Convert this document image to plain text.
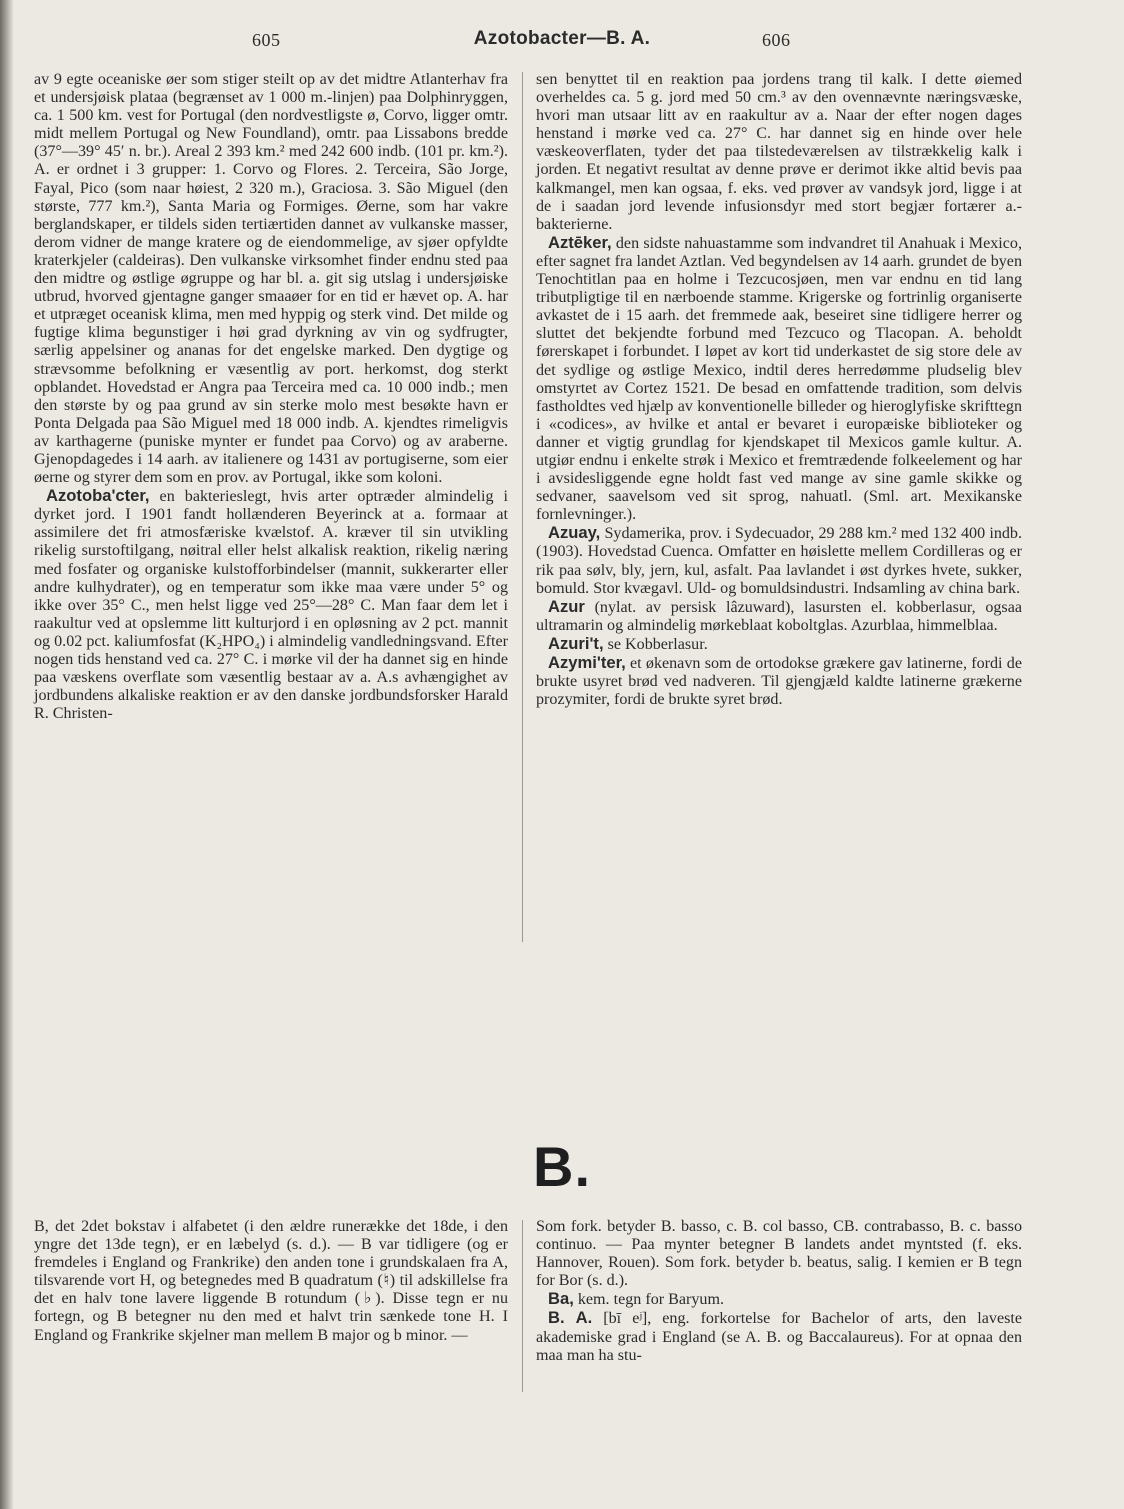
605	Azotobacter—B. A.	606

av 9 egte oceaniske øer som stiger steilt op av det midtre Atlanterhav fra et undersjøisk plataa (begrænset av 1 000 m.-linjen) paa Dolphinryggen, ca. 1 500 km. vest for Portugal (den nordvestligste ø, Corvo, ligger omtr. midt mellem Portugal og New Foundland), omtr. paa Lissabons bredde (37°—39° 45′ n. br.). Areal 2 393 km.² med 242 600 indb. (101 pr. km.²). A. er ordnet i 3 grupper: 1. Corvo og Flores. 2. Terceira, São Jorge, Fayal, Pico (som naar høiest, 2 320 m.), Graciosa. 3. São Miguel (den største, 777 km.²), Santa Maria og Formiges. Øerne, som har vakre berglandskaper, er tildels siden tertiærtiden dannet av vulkanske masser, derom vidner de mange kratere og de eiendommelige, av sjøer opfyldte kraterkjeler (caldeiras). Den vulkanske virksomhet finder endnu sted paa den midtre og østlige øgruppe og har bl. a. git sig utslag i undersjøiske utbrud, hvorved gjentagne ganger smaaøer for en tid er hævet op. A. har et utpræget oceanisk klima, men med hyppig og sterk vind. Det milde og fugtige klima begunstiger i høi grad dyrkning av vin og sydfrugter, særlig appelsiner og ananas for det engelske marked. Den dygtige og strævsomme befolkning er væsentlig av port. herkomst, dog sterkt opblandet. Hovedstad er Angra paa Terceira med ca. 10 000 indb.; men den største by og paa grund av sin sterke molo mest besøkte havn er Ponta Delgada paa São Miguel med 18 000 indb. A. kjendtes rimeligvis av karthagerne (puniske mynter er fundet paa Corvo) og av araberne. Gjenopdagedes i 14 aarh. av italienere og 1431 av portugiserne, som eier øerne og styrer dem som en prov. av Portugal, ikke som koloni.

Azotoba'cter, en bakterieslegt, hvis arter optræder almindelig i dyrket jord. I 1901 fandt hollænderen Beyerinck at a. formaar at assimilere det fri atmosfæriske kvælstof. A. kræver til sin utvikling rikelig surstoftilgang, nøitral eller helst alkalisk reaktion, rikelig næring med fosfater og organiske kulstofforbindelser (mannit, sukkerarter eller andre kulhydrater), og en temperatur som ikke maa være under 5° og ikke over 35° C., men helst ligge ved 25°—28° C. Man faar dem let i raakultur ved at opslemme litt kulturjord i en opløsning av 2 pct. mannit og 0.02 pct. kaliumfosfat (K₂HPO₄) i almindelig vandledningsvand. Efter nogen tids henstand ved ca. 27° C. i mørke vil der ha dannet sig en hinde paa væskens overflate som væsentlig bestaar av a. A.s avhængighet av jordbundens alkaliske reaktion er av den danske jordbundsforsker Harald R. Christen-

sen benyttet til en reaktion paa jordens trang til kalk. I dette øiemed overheldes ca. 5 g. jord med 50 cm.³ av den ovennævnte næringsvæske, hvori man utsaar litt av en raakultur av a. Naar der efter nogen dages henstand i mørke ved ca. 27° C. har dannet sig en hinde over hele væskeoverflaten, tyder det paa tilstedeværelsen av tilstrækkelig kalk i jorden. Et negativt resultat av denne prøve er derimot ikke altid bevis paa kalkmangel, men kan ogsaa, f. eks. ved prøver av vandsyk jord, ligge i at de i saadan jord levende infusionsdyr med stort begjær fortærer a.-bakterierne.

Aztēker, den sidste nahuastamme som indvandret til Anahuak i Mexico, efter sagnet fra landet Aztlan. Ved begyndelsen av 14 aarh. grundet de byen Tenochtitlan paa en holme i Tezcucosjøen, men var endnu en tid lang tributpligtige til en nærboende stamme. Krigerske og fortrinlig organiserte avkastet de i 15 aarh. det fremmede aak, beseiret sine tidligere herrer og sluttet det bekjendte forbund med Tezcuco og Tlacopan. A. beholdt førerskapet i forbundet. I løpet av kort tid underkastet de sig store dele av det sydlige og østlige Mexico, indtil deres herredømme pludselig blev omstyrtet av Cortez 1521. De besad en omfattende tradition, som delvis fastholdtes ved hjælp av konventionelle billeder og hieroglyfiske skrifttegn i «codices», av hvilke et antal er bevaret i europæiske biblioteker og danner et vigtig grundlag for kjendskapet til Mexicos gamle kultur. A. utgiør endnu i enkelte strøk i Mexico et fremtrædende folkeelement og har i avsidesliggende egne holdt fast ved mange av sine gamle skikke og sedvaner, saavelsom ved sit sprog, nahuatl. (Sml. art. Mexikanske fornlevninger.).

Azuay, Sydamerika, prov. i Sydecuador, 29 288 km.² med 132 400 indb. (1903). Hovedstad Cuenca. Omfatter en høislette mellem Cordilleras og er rik paa sølv, bly, jern, kul, asfalt. Paa lavlandet i øst dyrkes hvete, sukker, bomuld. Stor kvægavl. Uld- og bomuldsindustri. Indsamling av china bark.

Azur (nylat. av persisk lâzuward), lasursten el. kobberlasur, ogsaa ultramarin og almindelig mørkeblaat koboltglas. Azurblaa, himmelblaa.

Azuri't, se Kobberlasur.

Azymi'ter, et økenavn som de ortodokse grækere gav latinerne, fordi de brukte usyret brød ved nadveren. Til gjengjæld kaldte latinerne grækerne prozymiter, fordi de brukte syret brød.

B.

B, det 2det bokstav i alfabetet (i den ældre runerække det 18de, i den yngre det 13de tegn), er en læbelyd (s. d.). — B var tidligere (og er fremdeles i England og Frankrike) den anden tone i grundskalaen fra A, tilsvarende vort H, og betegnedes med B quadratum (♮) til adskillelse fra det en halv tone lavere liggende B rotundum (♭). Disse tegn er nu fortegn, og B betegner nu den med et halvt trin sænkede tone H. I England og Frankrike skjelner man mellem B major og b minor. —

Som fork. betyder B. basso, c. B. col basso, CB. contrabasso, B. c. basso continuo. — Paa mynter betegner B landets andet myntsted (f. eks. Hannover, Rouen). Som fork. betyder b. beatus, salig. I kemien er B tegn for Bor (s. d.).

Ba, kem. tegn for Baryum.

B. A. [bī eʲ], eng. forkortelse for Bachelor of arts, den laveste akademiske grad i England (se A. B. og Baccalaureus). For at opnaa den maa man ha stu-
